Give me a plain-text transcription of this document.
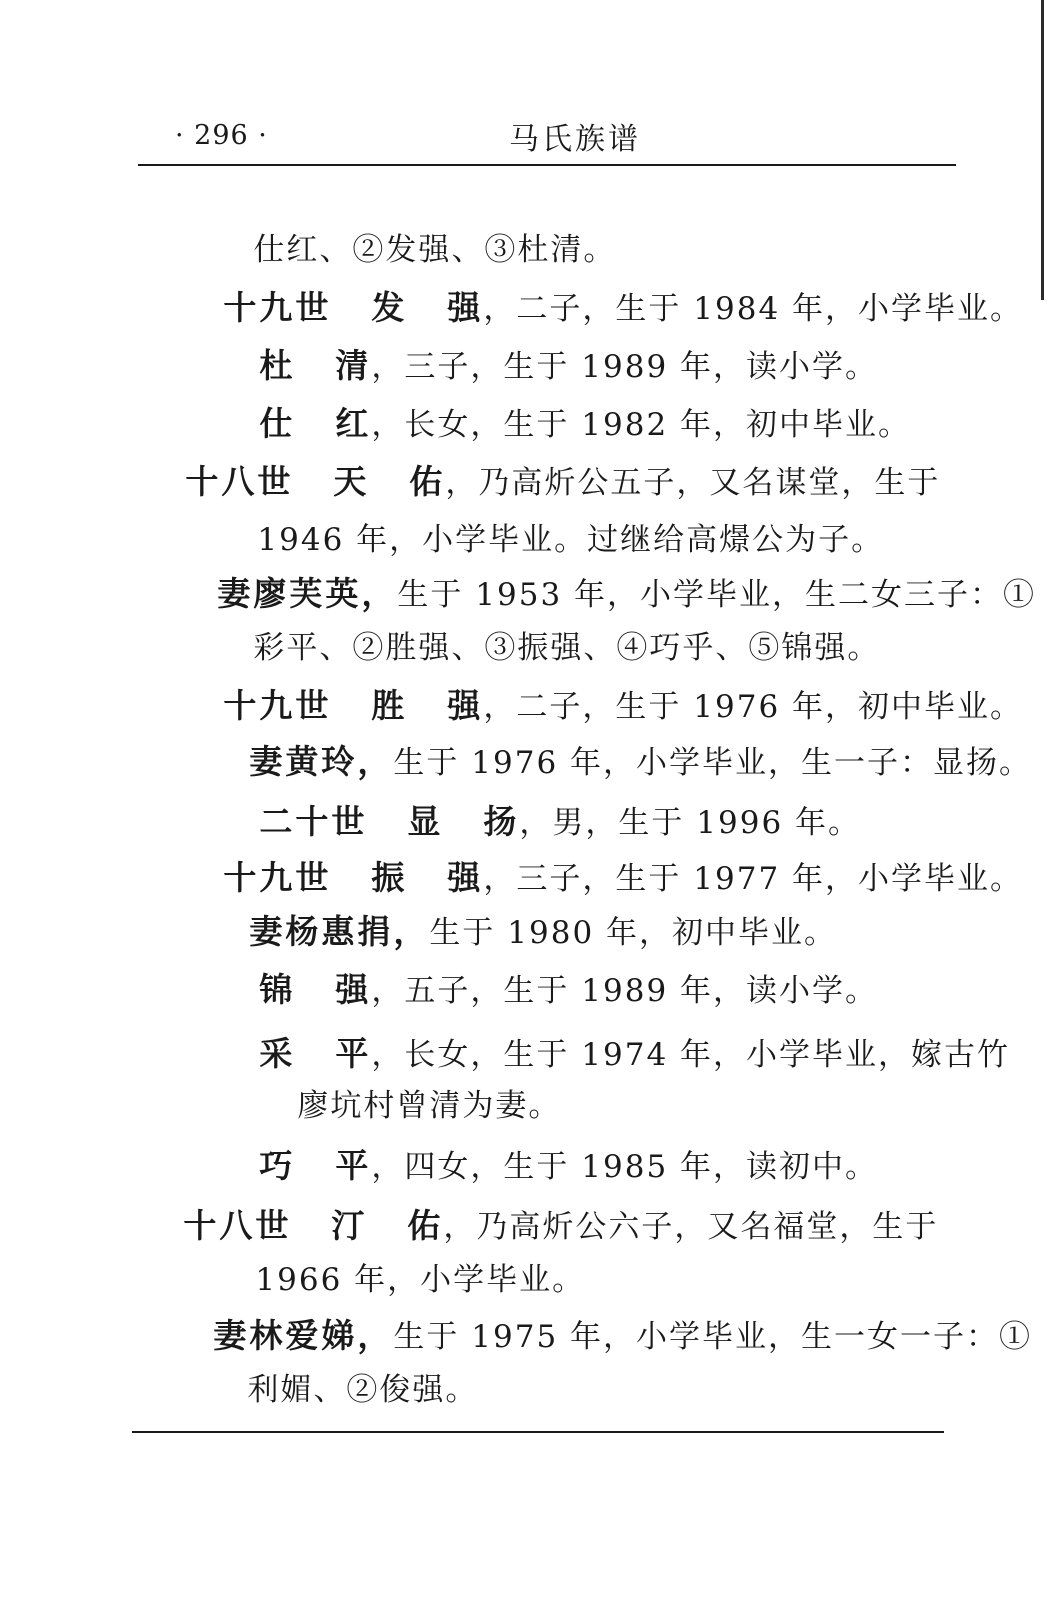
· 296 ·	马氏族谱

仕红、②发强、③杜清。

十九世 发 强，二子，生于 1984 年，小学毕业。

杜 清，三子，生于 1989 年，读小学。

仕 红，长女，生于 1982 年，初中毕业。

十八世 天 佑，乃高炘公五子，又名谋堂，生于

1946 年，小学毕业。过继给高燝公为子。

妻廖芙英，生于 1953 年，小学毕业，生二女三子：①

彩平、②胜强、③振强、④巧乎、⑤锦强。

十九世 胜 强，二子，生于 1976 年，初中毕业。

妻黄玲，生于 1976 年，小学毕业，生一子：显扬。

二十世 显 扬，男，生于 1996 年。

十九世 振 强，三子，生于 1977 年，小学毕业。

妻杨惠捐，生于 1980 年，初中毕业。

锦 强，五子，生于 1989 年，读小学。

采 平，长女，生于 1974 年，小学毕业，嫁古竹

廖坑村曾清为妻。

巧 平，四女，生于 1985 年，读初中。

十八世 汀 佑，乃高炘公六子，又名福堂，生于

1966 年，小学毕业。

妻林爱娣，生于 1975 年，小学毕业，生一女一子：①

利媚、②俊强。
